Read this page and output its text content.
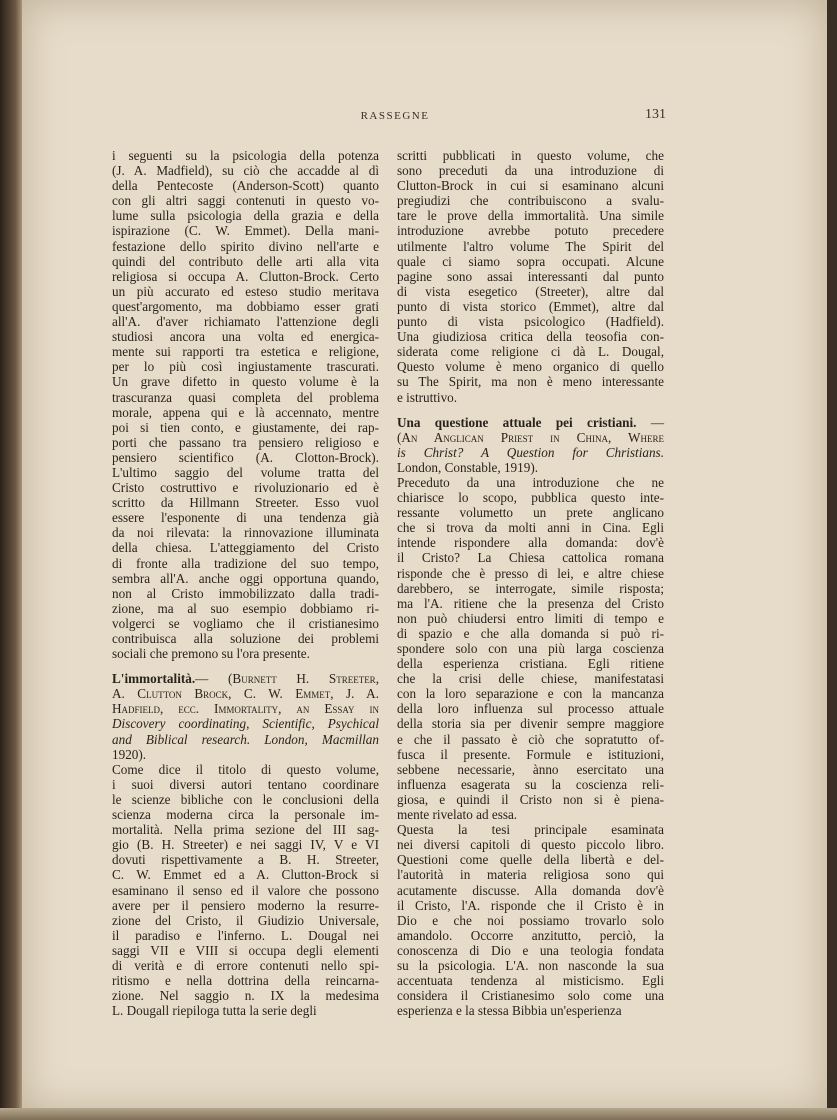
RASSEGNE	131
i seguenti su la psicologia della potenza
(J. A. Madfield), su ciò che accadde al dì
della Pentecoste (Anderson-Scott) quanto
con gli altri saggi contenuti in questo vo-
lume sulla psicologia della grazia e della
ispirazione (C. W. Emmet). Della mani-
festazione dello spirito divino nell'arte e
quindi del contributo delle arti alla vita
religiosa si occupa A. Clutton-Brock. Certo
un più accurato ed esteso studio meritava
quest'argomento, ma dobbiamo esser grati
all'A. d'aver richiamato l'attenzione degli
studiosi ancora una volta ed energica-
mente sui rapporti tra estetica e religione,
per lo più così ingiustamente trascurati.
Un grave difetto in questo volume è la
trascuranza quasi completa del problema
morale, appena qui e là accennato, mentre
poi si tien conto, e giustamente, dei rap-
porti che passano tra pensiero religioso e
pensiero scientifico (A. Clotton-Brock).
L'ultimo saggio del volume tratta del
Cristo costruttivo e rivoluzionario ed è
scritto da Hillmann Streeter. Esso vuol
essere l'esponente di una tendenza già
da noi rilevata: la rinnovazione illuminata
della chiesa. L'atteggiamento del Cristo
di fronte alla tradizione del suo tempo,
sembra all'A. anche oggi opportuna quando,
non al Cristo immobilizzato dalla tradi-
zione, ma al suo esempio dobbiamo ri-
volgerci se vogliamo che il cristianesimo
contribuisca alla soluzione dei problemi
sociali che premono su l'ora presente.
L'immortalità.— (Burnett H. Streeter,
A. Clutton Brock, C. W. Emmet, J. A.
Hadfield, ecc. Immortality, an Essay in
Discovery coordinating, Scientific, Psychical
and Biblical research. London, Macmillan
1920).
Come dice il titolo di questo volume,
i suoi diversi autori tentano coordinare
le scienze bibliche con le conclusioni della
scienza moderna circa la personale im-
mortalità. Nella prima sezione del III sag-
gio (B. H. Streeter) e nei saggi IV, V e VI
dovuti rispettivamente a B. H. Streeter,
C. W. Emmet ed a A. Clutton-Brock si
esaminano il senso ed il valore che possono
avere per il pensiero moderno la resurre-
zione del Cristo, il Giudizio Universale,
il paradiso e l'inferno. L. Dougal nei
saggi VII e VIII si occupa degli elementi
di verità e di errore contenuti nello spi-
ritismo e nella dottrina della reincarna-
zione. Nel saggio n. IX la medesima
L. Dougall riepiloga tutta la serie degli
scritti pubblicati in questo volume, che
sono preceduti da una introduzione di
Clutton-Brock in cui si esaminano alcuni
pregiudizi che contribuiscono a svalu-
tare le prove della immortalità. Una simile
introduzione avrebbe potuto precedere
utilmente l'altro volume The Spirit del
quale ci siamo sopra occupati. Alcune
pagine sono assai interessanti dal punto
di vista esegetico (Streeter), altre dal
punto di vista storico (Emmet), altre dal
punto di vista psicologico (Hadfield).
Una giudiziosa critica della teosofia con-
siderata come religione ci dà L. Dougal,
Questo volume è meno organico di quello
su The Spirit, ma non è meno interessante
e istruttivo.
Una questione attuale pei cristiani. —
(An Anglican Priest in China, Where
is Christ? A Question for Christians.
London, Constable, 1919).
Preceduto da una introduzione che ne
chiarisce lo scopo, pubblica questo inte-
ressante volumetto un prete anglicano
che si trova da molti anni in Cina. Egli
intende rispondere alla domanda: dov'è
il Cristo? La Chiesa cattolica romana
risponde che è presso di lei, e altre chiese
darebbero, se interrogate, simile risposta;
ma l'A. ritiene che la presenza del Cristo
non può chiudersi entro limiti di tempo e
di spazio e che alla domanda si può ri-
spondere solo con una più larga coscienza
della esperienza cristiana. Egli ritiene
che la crisi delle chiese, manifestatasi
con la loro separazione e con la mancanza
della loro influenza sul processo attuale
della storia sia per divenir sempre maggiore
e che il passato è ciò che sopratutto of-
fusca il presente. Formule e istituzioni,
sebbene necessarie, ànno esercitato una
influenza esagerata su la coscienza reli-
giosa, e quindi il Cristo non si è piena-
mente rivelato ad essa.
Questa la tesi principale esaminata
nei diversi capitoli di questo piccolo libro.
Questioni come quelle della libertà e del-
l'autorità in materia religiosa sono qui
acutamente discusse. Alla domanda dov'è
il Cristo, l'A. risponde che il Cristo è in
Dio e che noi possiamo trovarlo solo
amandolo. Occorre anzitutto, perciò, la
conoscenza di Dio e una teologia fondata
su la psicologia. L'A. non nasconde la sua
accentuata tendenza al misticismo. Egli
considera il Cristianesimo solo come una
esperienza e la stessa Bibbia un'esperienza
